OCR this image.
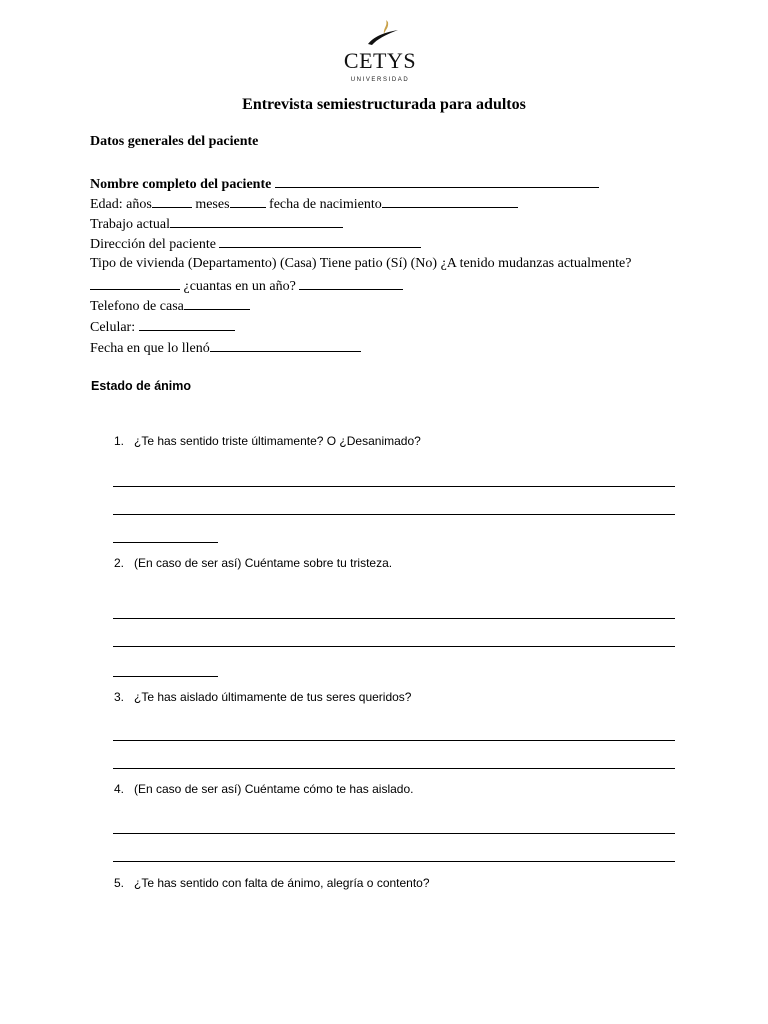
CETYS
UNIVERSIDAD
Entrevista semiestructurada para adultos
Datos generales del paciente
Nombre completo del paciente
Edad: años	meses	fecha de nacimiento
Trabajo actual
Dirección del paciente
Tipo de vivienda (Departamento) (Casa) Tiene patio (Sí) (No) ¿A tenido mudanzas actualmente?
¿cuantas en un año?
Telefono de casa
Celular:
Fecha en que lo llenó
Estado de ánimo
1. ¿Te has sentido triste últimamente? O ¿Desanimado?
2. (En caso de ser así) Cuéntame sobre tu tristeza.
3. ¿Te has aislado últimamente de tus seres queridos?
4. (En caso de ser así) Cuéntame cómo te has aislado.
5. ¿Te has sentido con falta de ánimo, alegría o contento?
